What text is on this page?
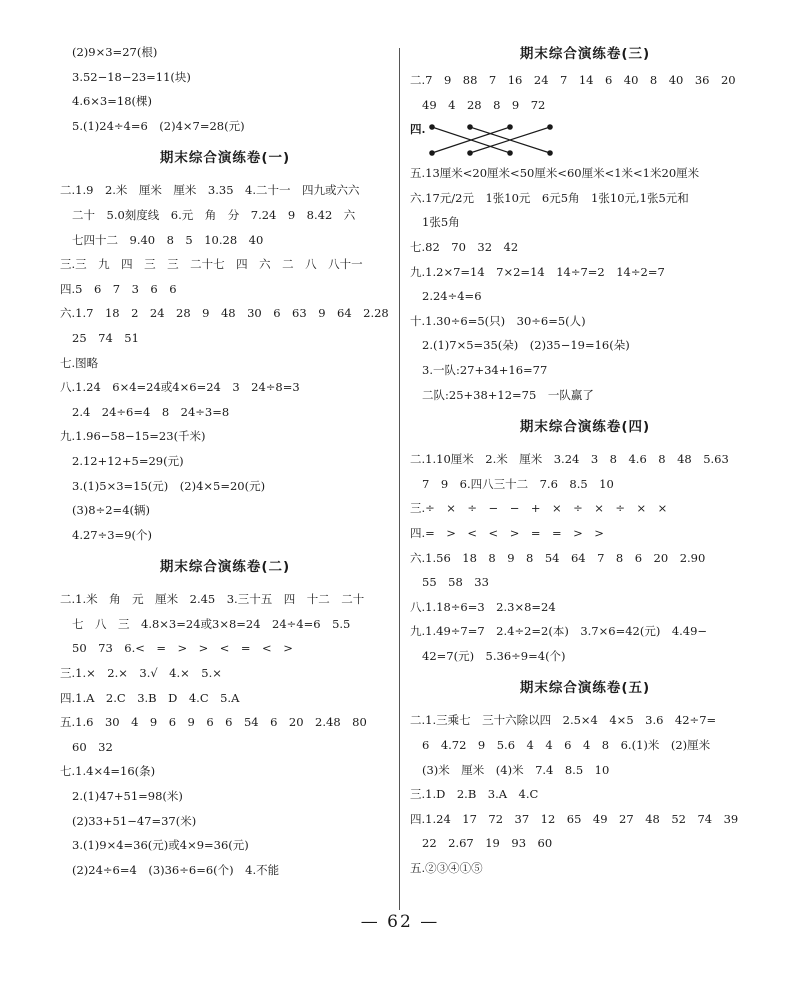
(2)9×3=27(根)
3.52−18−23=11(块)
4.6×3=18(棵)
5.(1)24÷4=6　(2)4×7=28(元)
期末综合演练卷(一)
二.1.9　2.米　厘米　厘米　3.35　4.二十一　四九或六六
二十　5.0刻度线　6.元　角　分　7.24　9　8.42　六
七四十二　9.40　8　5　10.28　40
三.三　九　四　三　三　二十七　四　六　二　八　八十一
四.5　6　7　3　6　6
六.1.7　18　2　24　28　9　48　30　6　63　9　64　2.28
25　74　51
七.图略
八.1.24　6×4=24或4×6=24　3　24÷8=3
2.4　24÷6=4　8　24÷3=8
九.1.96−58−15=23(千米)
2.12+12+5=29(元)
3.(1)5×3=15(元)　(2)4×5=20(元)
(3)8÷2=4(辆)
4.27÷3=9(个)
期末综合演练卷(二)
二.1.米　角　元　厘米　2.45　3.三十五　四　十二　二十
七　八　三　4.8×3=24或3×8=24　24÷4=6　5.5
50　73　6.<　=　>　>　<　=　<　>
三.1.×　2.×　3.√　4.×　5.×
四.1.A　2.C　3.B　D　4.C　5.A
五.1.6　30　4　9　6　9　6　6　54　6　20　2.48　80
60　32
七.1.4×4=16(条)
2.(1)47+51=98(米)
(2)33+51−47=37(米)
3.(1)9×4=36(元)或4×9=36(元)
(2)24÷6=4　(3)36÷6=6(个)　4.不能
期末综合演练卷(三)
二.7　9　88　7　16　24　7　14　6　40　8　40　36　20
49　4　28　8　9　72
四.
五.13厘米<20厘米<50厘米<60厘米<1米<1米20厘米
六.17元/2元　1张10元　6元5角　1张10元,1张5元和
1张5角
七.82　70　32　42
九.1.2×7=14　7×2=14　14÷7=2　14÷2=7
2.24÷4=6
十.1.30÷6=5(只)　30÷6=5(人)
2.(1)7×5=35(朵)　(2)35−19=16(朵)
3.一队:27+34+16=77
二队:25+38+12=75　一队赢了
期末综合演练卷(四)
二.1.10厘米　2.米　厘米　3.24　3　8　4.6　8　48　5.63
7　9　6.四八三十二　7.6　8.5　10
三.÷　×　÷　−　−　+　×　÷　×　÷　×　×
四.=　>　<　<　>　=　=　>　>
六.1.56　18　8　9　8　54　64　7　8　6　20　2.90
55　58　33
八.1.18÷6=3　2.3×8=24
九.1.49÷7=7　2.4÷2=2(本)　3.7×6=42(元)　4.49−
42=7(元)　5.36÷9=4(个)
期末综合演练卷(五)
二.1.三乘七　三十六除以四　2.5×4　4×5　3.6　42÷7=
6　4.72　9　5.6　4　4　6　4　8　6.(1)米　(2)厘米
(3)米　厘米　(4)米　7.4　8.5　10
三.1.D　2.B　3.A　4.C
四.1.24　17　72　37　12　65　49　27　48　52　74　39
22　2.67　19　93　60
五.②③④①⑤
— 62 —
